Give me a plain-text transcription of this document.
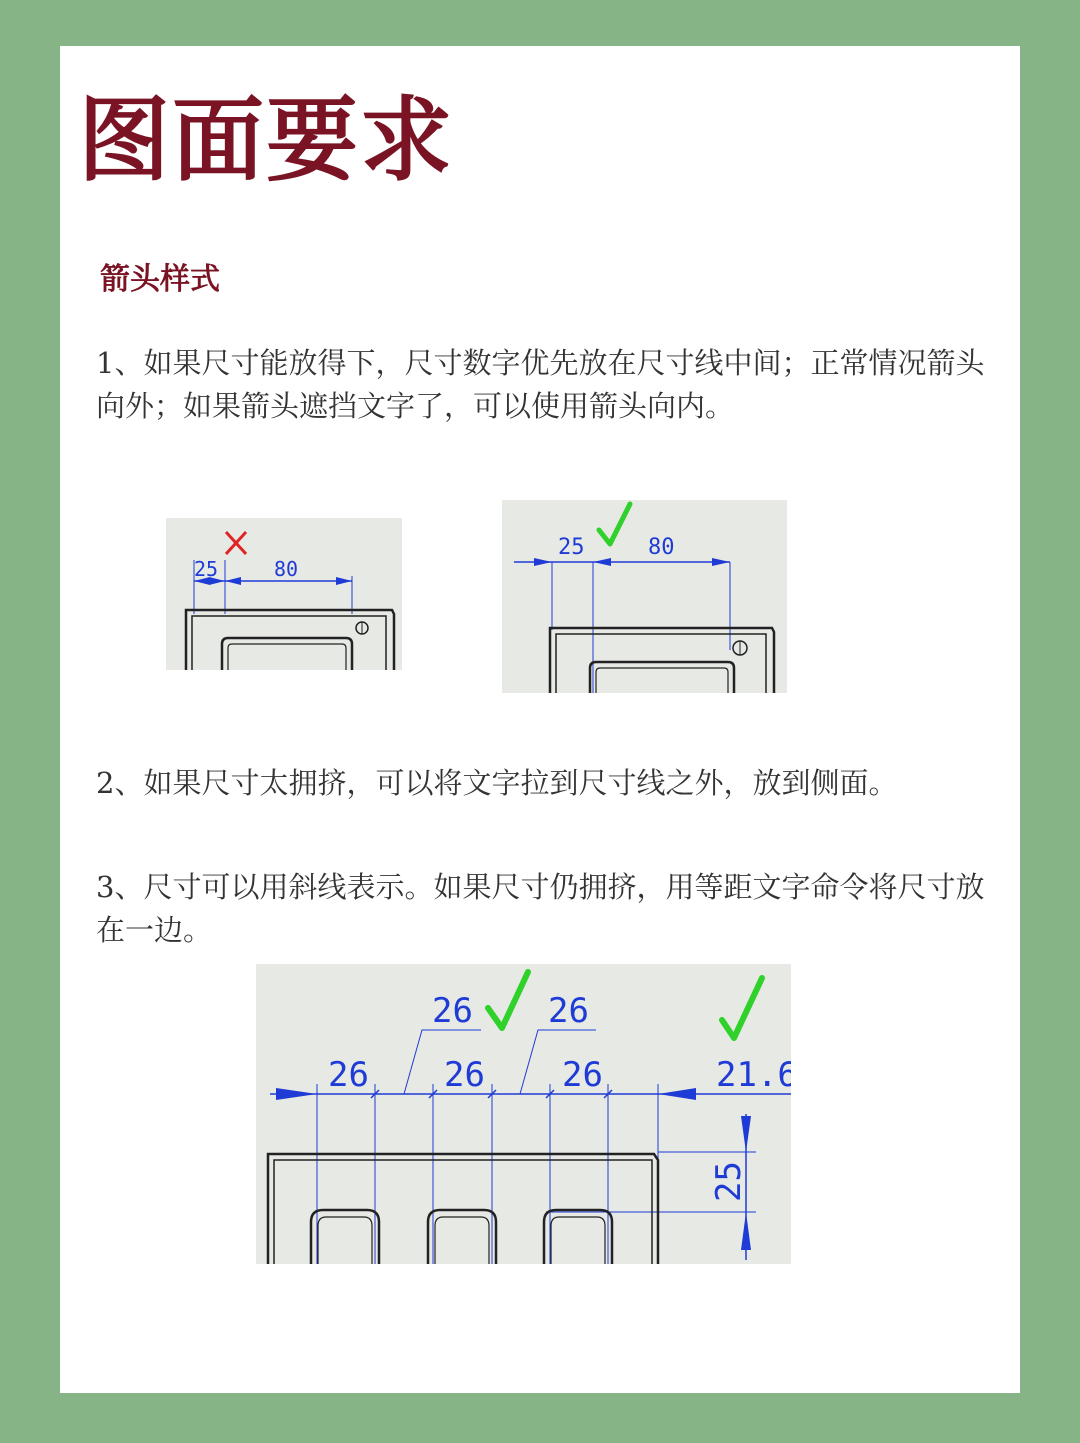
图面要求
箭头样式

1、如果尺寸能放得下，尺寸数字优先放在尺寸线中间；正常情况箭头向外；如果箭头遮挡文字了，可以使用箭头向内。

25	80
25	80

2、如果尺寸太拥挤，可以将文字拉到尺寸线之外，放到侧面。

3、尺寸可以用斜线表示。如果尺寸仍拥挤，用等距文字命令将尺寸放在一边。

26 26
26 26 26	21.6
25
